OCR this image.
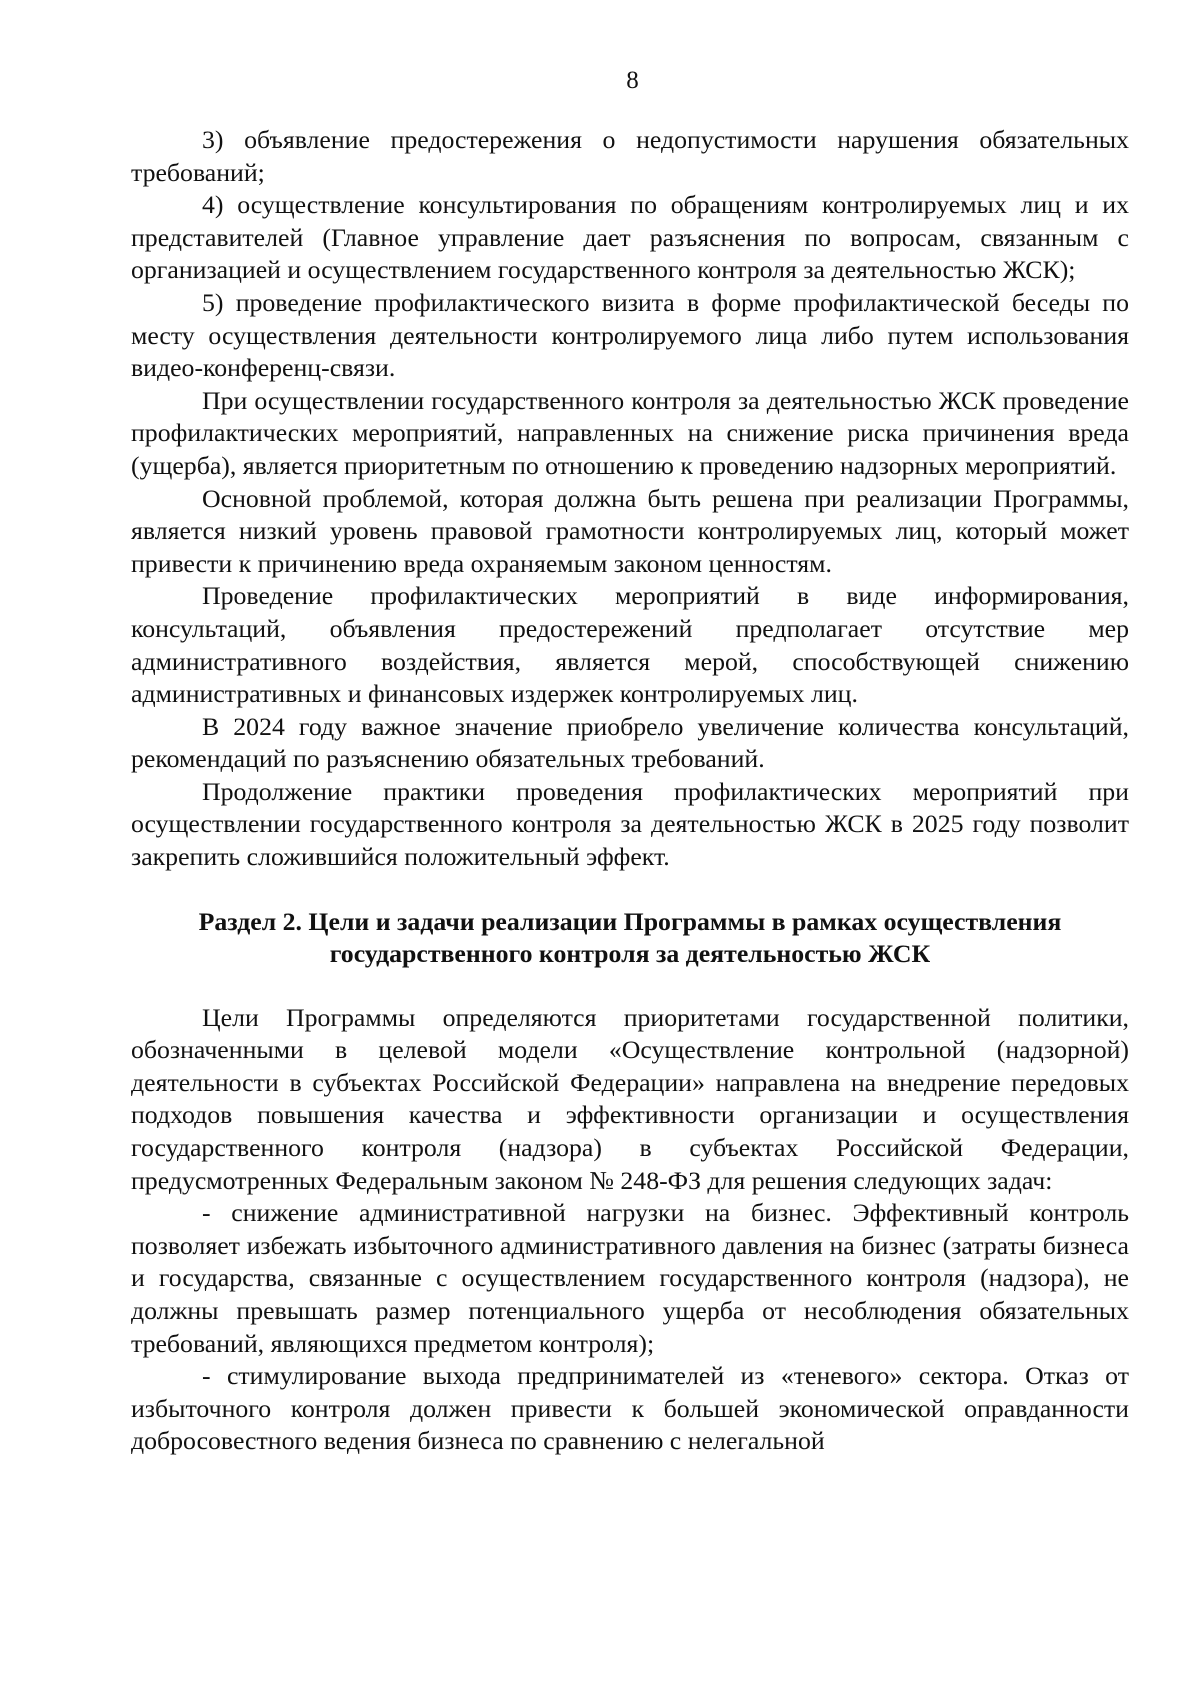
8

3) объявление предостережения о недопустимости нарушения обязательных требований;

4) осуществление консультирования по обращениям контролируемых лиц и их представителей (Главное управление дает разъяснения по вопросам, связанным с организацией и осуществлением государственного контроля за деятельностью ЖСК);

5) проведение профилактического визита в форме профилактической беседы по месту осуществления деятельности контролируемого лица либо путем использования видео-конференц-связи.

При осуществлении государственного контроля за деятельностью ЖСК проведение профилактических мероприятий, направленных на снижение риска причинения вреда (ущерба), является приоритетным по отношению к проведению надзорных мероприятий.

Основной проблемой, которая должна быть решена при реализации Программы, является низкий уровень правовой грамотности контролируемых лиц, который может привести к причинению вреда охраняемым законом ценностям.

Проведение профилактических мероприятий в виде информирования, консультаций, объявления предостережений предполагает отсутствие мер административного воздействия, является мерой, способствующей снижению административных и финансовых издержек контролируемых лиц.

В 2024 году важное значение приобрело увеличение количества консультаций, рекомендаций по разъяснению обязательных требований.

Продолжение практики проведения профилактических мероприятий при осуществлении государственного контроля за деятельностью ЖСК в 2025 году позволит закрепить сложившийся положительный эффект.

Раздел 2. Цели и задачи реализации Программы в рамках осуществления

государственного контроля за деятельностью ЖСК

Цели Программы определяются приоритетами государственной политики, обозначенными в целевой модели «Осуществление контрольной (надзорной) деятельности в субъектах Российской Федерации» направлена на внедрение передовых подходов повышения качества и эффективности организации и осуществления государственного контроля (надзора) в субъектах Российской Федерации, предусмотренных Федеральным законом № 248-ФЗ для решения следующих задач:

- снижение административной нагрузки на бизнес. Эффективный контроль позволяет избежать избыточного административного давления на бизнес (затраты бизнеса и государства, связанные с осуществлением государственного контроля (надзора), не должны превышать размер потенциального ущерба от несоблюдения обязательных требований, являющихся предметом контроля);

- стимулирование выхода предпринимателей из «теневого» сектора. Отказ от избыточного контроля должен привести к большей экономической оправданности добросовестного ведения бизнеса по сравнению с нелегальной
